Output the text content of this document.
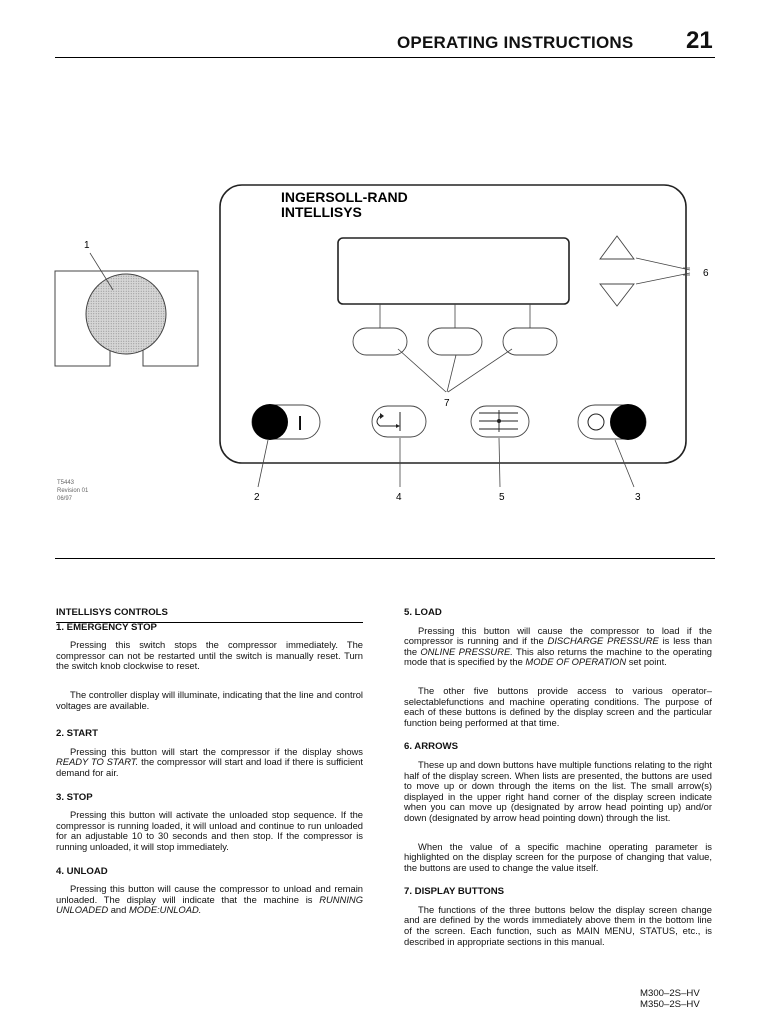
OPERATING INSTRUCTIONS 21
INGERSOLL-RAND
INTELLISYS
I
1
2	3
4	5
6
7
T5443
Revision 01
06/97
INTELLISYS CONTROLS
1. EMERGENCY STOP

Pressing this switch stops the compressor immediately. The compressor can not be restarted until the switch is manually reset. Turn the switch knob clockwise to reset.

The controller display will illuminate, indicating that the line and control voltages are available.

2. START

Pressing this button will start the compressor if the display shows READY TO START. the compressor will start and load if there is sufficient demand for air.

3. STOP

Pressing this button will activate the unloaded stop sequence. If the compressor is running loaded, it will unload and continue to run unloaded for an adjustable 10 to 30 seconds and then stop. If the compressor is running unloaded, it will stop immediately.

4. UNLOAD

Pressing this button will cause the compressor to unload and remain unloaded. The display will indicate that the machine is RUNNING UNLOADED and MODE:UNLOAD.

5. LOAD

Pressing this button will cause the compressor to load if the compressor is running and if the DISCHARGE PRESSURE is less than the ONLINE PRESSURE. This also returns the machine to the operating mode that is specified by the MODE OF OPERATION set point.

The other five buttons provide access to various operator–selectablefunctions and machine operating conditions. The purpose of each of these buttons is defined by the display screen and the particular function being performed at that time.

6. ARROWS

These up and down buttons have multiple functions relating to the right half of the display screen. When lists are presented, the buttons are used to move up or down through the items on the list. The small arrow(s) displayed in the upper right hand corner of the display screen indicate when you can move up (designated by arrow head pointing up) and/or down (designated by arrow head pointing down) through the list.

When the value of a specific machine operating parameter is highlighted on the display screen for the purpose of changing that value, the buttons are used to change the value itself.

7. DISPLAY BUTTONS

The functions of the three buttons below the display screen change and are defined by the words immediately above them in the bottom line of the screen. Each function, such as MAIN MENU, STATUS, etc., is described in appropriate sections in this manual.

M300–2S–HV
M350–2S–HV
